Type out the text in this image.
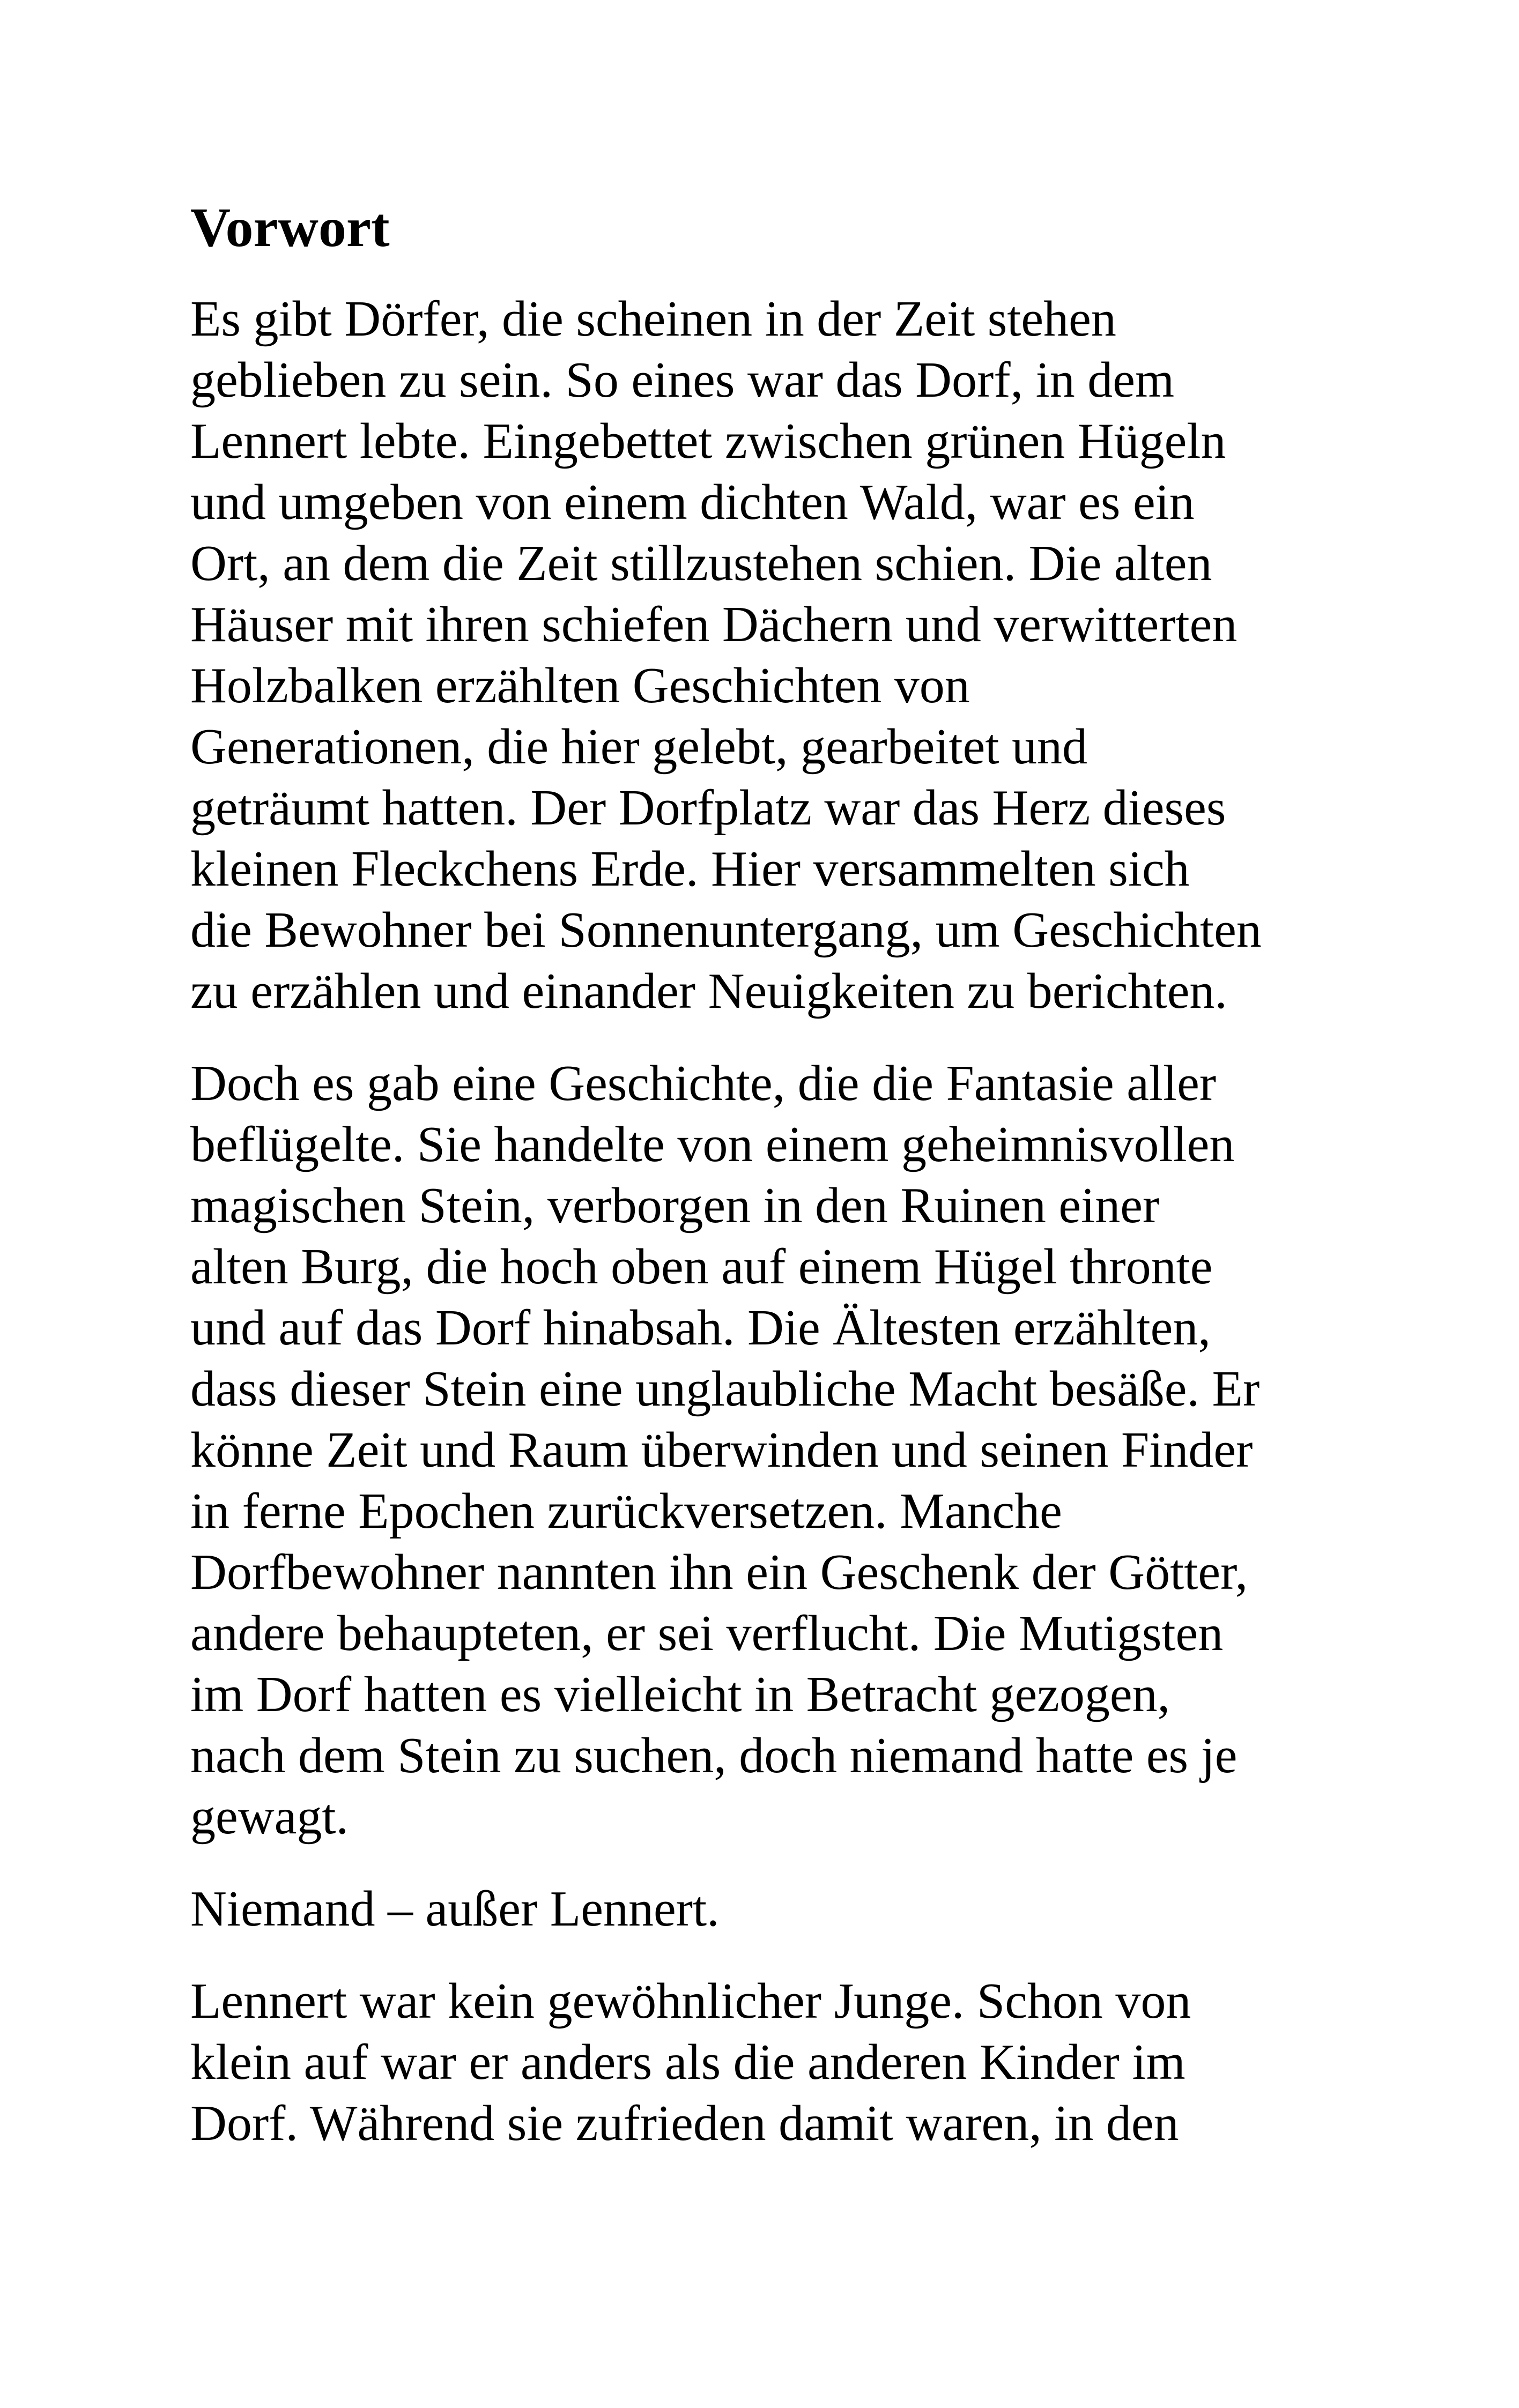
Vorwort

Es gibt Dörfer, die scheinen in der Zeit stehen
geblieben zu sein. So eines war das Dorf, in dem
Lennert lebte. Eingebettet zwischen grünen Hügeln
und umgeben von einem dichten Wald, war es ein
Ort, an dem die Zeit stillzustehen schien. Die alten
Häuser mit ihren schiefen Dächern und verwitterten
Holzbalken erzählten Geschichten von
Generationen, die hier gelebt, gearbeitet und
geträumt hatten. Der Dorfplatz war das Herz dieses
kleinen Fleckchens Erde. Hier versammelten sich
die Bewohner bei Sonnenuntergang, um Geschichten
zu erzählen und einander Neuigkeiten zu berichten.

Doch es gab eine Geschichte, die die Fantasie aller
beflügelte. Sie handelte von einem geheimnisvollen
magischen Stein, verborgen in den Ruinen einer
alten Burg, die hoch oben auf einem Hügel thronte
und auf das Dorf hinabsah. Die Ältesten erzählten,
dass dieser Stein eine unglaubliche Macht besäße. Er
könne Zeit und Raum überwinden und seinen Finder
in ferne Epochen zurückversetzen. Manche
Dorfbewohner nannten ihn ein Geschenk der Götter,
andere behaupteten, er sei verflucht. Die Mutigsten
im Dorf hatten es vielleicht in Betracht gezogen,
nach dem Stein zu suchen, doch niemand hatte es je
gewagt.

Niemand – außer Lennert.

Lennert war kein gewöhnlicher Junge. Schon von
klein auf war er anders als die anderen Kinder im
Dorf. Während sie zufrieden damit waren, in den
